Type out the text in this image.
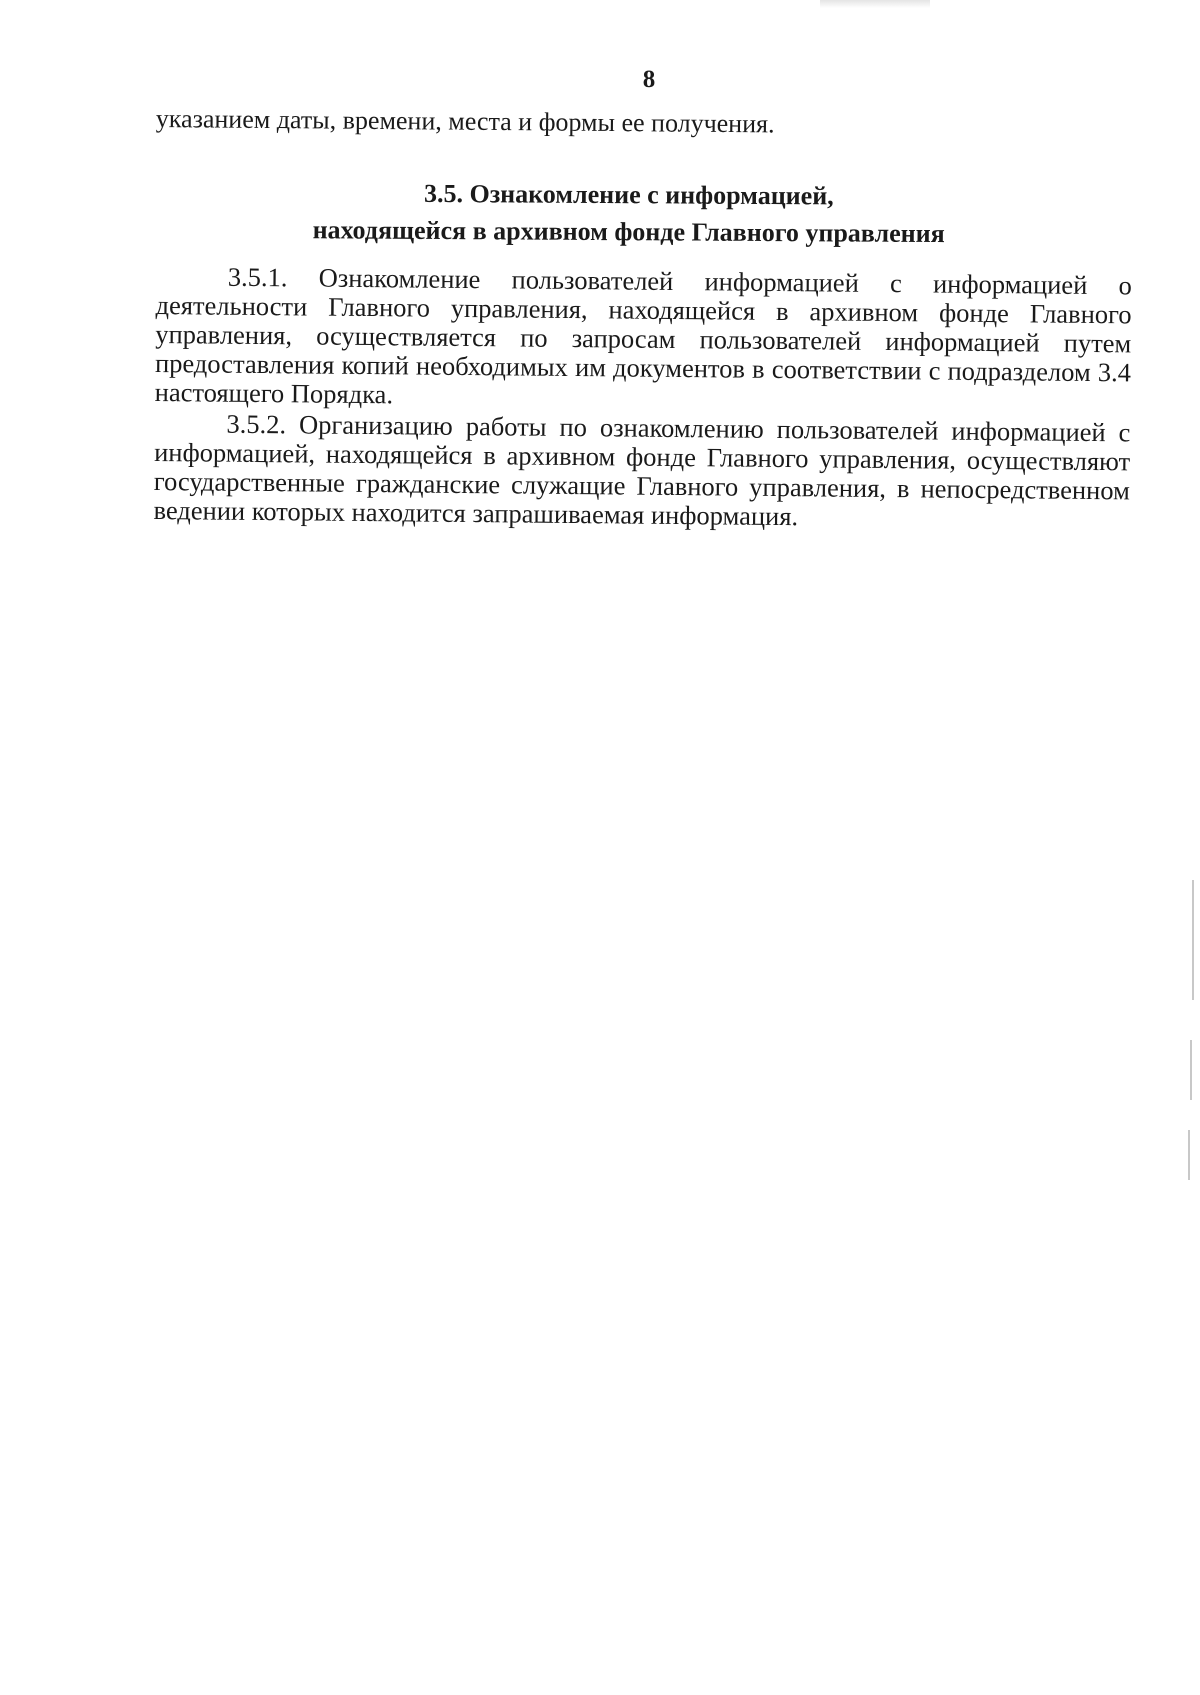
8
указанием даты, времени, места и формы ее получения.
3.5. Ознакомление с информацией,
находящейся в архивном фонде Главного управления

3.5.1. Ознакомление пользователей информацией с информацией о деятельности Главного управления, находящейся в архивном фонде Главного управления, осуществляется по запросам пользователей информацией путем предоставления копий необходимых им документов в соответствии с подразделом 3.4 настоящего Порядка.

3.5.2. Организацию работы по ознакомлению пользователей информацией с информацией, находящейся в архивном фонде Главного управления, осуществляют государственные гражданские служащие Главного управления, в непосредственном ведении которых находится запрашиваемая информация.
